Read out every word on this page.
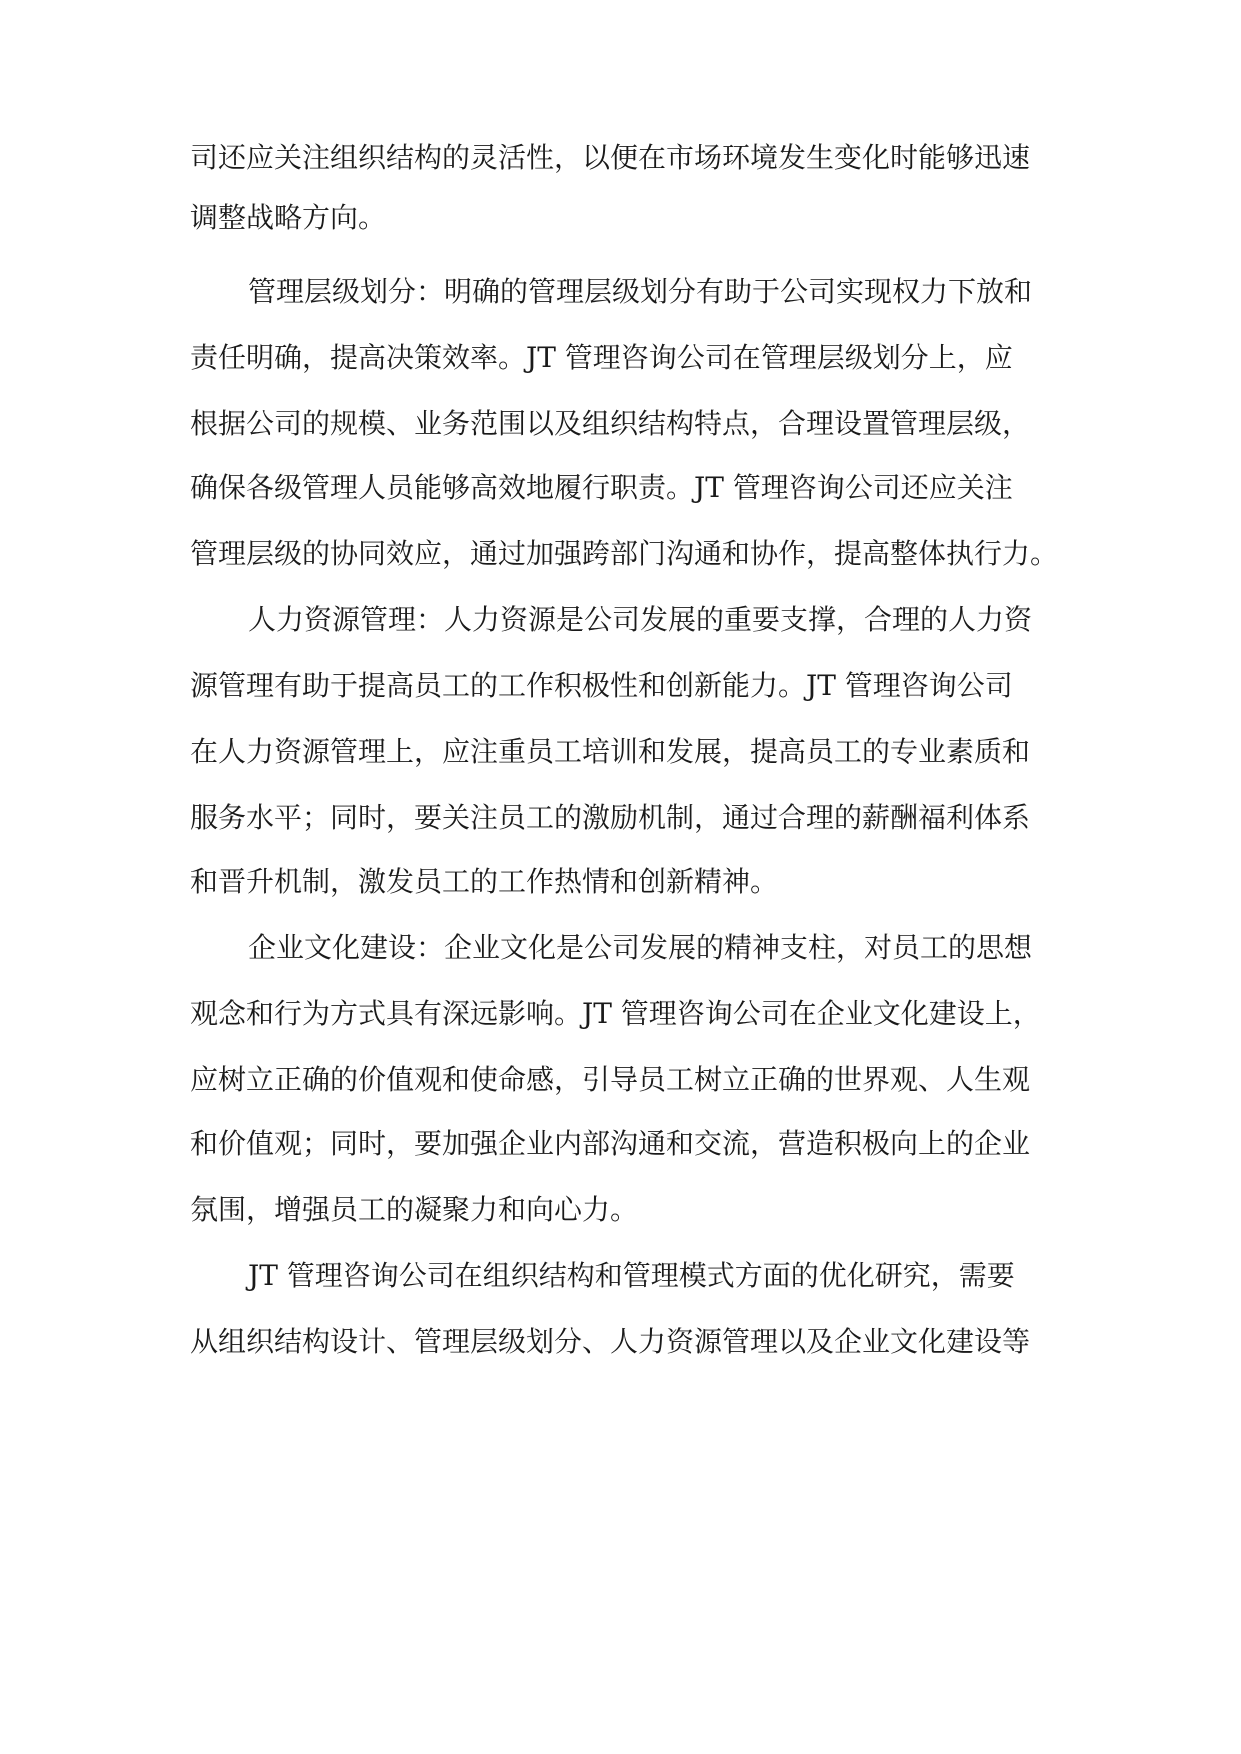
司还应关注组织结构的灵活性，以便在市场环境发生变化时能够迅速
调整战略方向。
管理层级划分：明确的管理层级划分有助于公司实现权力下放和
责任明确，提高决策效率。JT 管理咨询公司在管理层级划分上，应
根据公司的规模、业务范围以及组织结构特点，合理设置管理层级，
确保各级管理人员能够高效地履行职责。JT 管理咨询公司还应关注
管理层级的协同效应，通过加强跨部门沟通和协作，提高整体执行力。
人力资源管理：人力资源是公司发展的重要支撑，合理的人力资
源管理有助于提高员工的工作积极性和创新能力。JT 管理咨询公司
在人力资源管理上，应注重员工培训和发展，提高员工的专业素质和
服务水平；同时，要关注员工的激励机制，通过合理的薪酬福利体系
和晋升机制，激发员工的工作热情和创新精神。
企业文化建设：企业文化是公司发展的精神支柱，对员工的思想
观念和行为方式具有深远影响。JT 管理咨询公司在企业文化建设上，
应树立正确的价值观和使命感，引导员工树立正确的世界观、人生观
和价值观；同时，要加强企业内部沟通和交流，营造积极向上的企业
氛围，增强员工的凝聚力和向心力。
JT 管理咨询公司在组织结构和管理模式方面的优化研究，需要
从组织结构设计、管理层级划分、人力资源管理以及企业文化建设等
